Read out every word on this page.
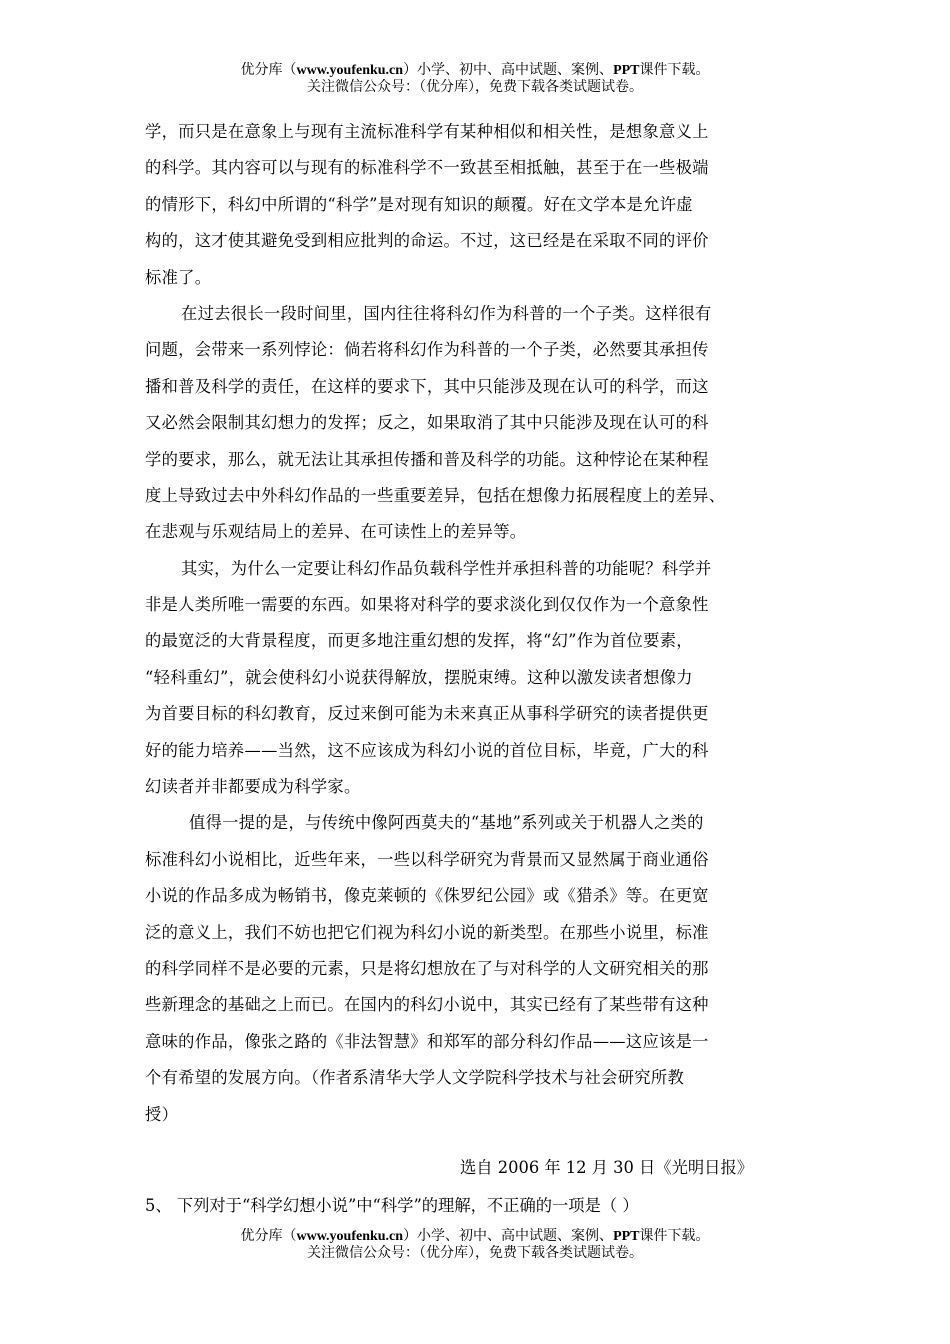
优分库（www.youfenku.cn）小学、初中、高中试题、案例、PPT课件下载。
关注微信公众号：（优分库），免费下载各类试题试卷。
学，而只是在意象上与现有主流标准科学有某种相似和相关性，是想象意义上
的科学。其内容可以与现有的标准科学不一致甚至相抵触，甚至于在一些极端
的情形下，科幻中所谓的“科学”是对现有知识的颠覆。好在文学本是允许虚
构的，这才使其避免受到相应批判的命运。不过，这已经是在采取不同的评价
标准了。
在过去很长一段时间里，国内往往将科幻作为科普的一个子类。这样很有
问题，会带来一系列悖论：倘若将科幻作为科普的一个子类，必然要其承担传
播和普及科学的责任，在这样的要求下，其中只能涉及现在认可的科学，而这
又必然会限制其幻想力的发挥；反之，如果取消了其中只能涉及现在认可的科
学的要求，那么，就无法让其承担传播和普及科学的功能。这种悖论在某种程
度上导致过去中外科幻作品的一些重要差异，包括在想像力拓展程度上的差异、
在悲观与乐观结局上的差异、在可读性上的差异等。
其实，为什么一定要让科幻作品负载科学性并承担科普的功能呢？科学并
非是人类所唯一需要的东西。如果将对科学的要求淡化到仅仅作为一个意象性
的最宽泛的大背景程度，而更多地注重幻想的发挥，将“幻”作为首位要素，
“轻科重幻”，就会使科幻小说获得解放，摆脱束缚。这种以激发读者想像力
为首要目标的科幻教育，反过来倒可能为未来真正从事科学研究的读者提供更
好的能力培养——当然，这不应该成为科幻小说的首位目标，毕竟，广大的科
幻读者并非都要成为科学家。
值得一提的是，与传统中像阿西莫夫的“基地”系列或关于机器人之类的
标准科幻小说相比，近些年来，一些以科学研究为背景而又显然属于商业通俗
小说的作品多成为畅销书，像克莱顿的《侏罗纪公园》或《猎杀》等。在更宽
泛的意义上，我们不妨也把它们视为科幻小说的新类型。在那些小说里，标准
的科学同样不是必要的元素，只是将幻想放在了与对科学的人文研究相关的那
些新理念的基础之上而已。在国内的科幻小说中，其实已经有了某些带有这种
意味的作品，像张之路的《非法智慧》和郑军的部分科幻作品——这应该是一
个有希望的发展方向。（作者系清华大学人文学院科学技术与社会研究所教
授）
选自 2006 年 12 月 30 日《光明日报》
5、 下列对于“科学幻想小说”中“科学”的理解，不正确的一项是（ ）
优分库（www.youfenku.cn）小学、初中、高中试题、案例、PPT课件下载。
关注微信公众号：（优分库），免费下载各类试题试卷。
